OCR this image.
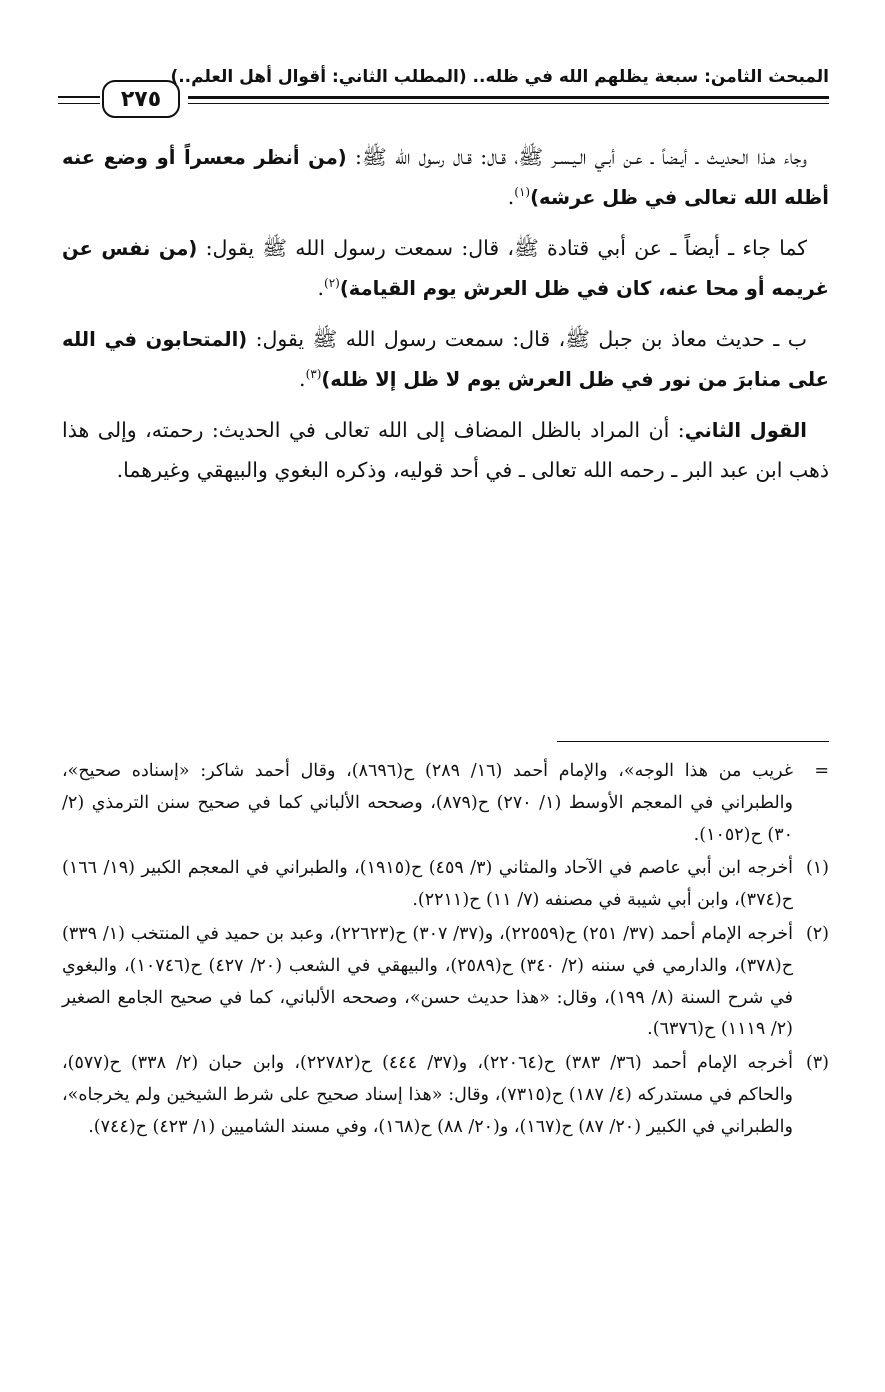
المبحث الثامن: سبعة يظلهم الله في ظله.. (المطلب الثاني: أقوال أهل العلم..)
٢٧٥

وجاء هـذا الـحديـث ـ أيـضاً ـ عـن أبـي الـيـسـر ﷺ، قـال: قـال رسول الله ﷺ: (من أنظر معسراً أو وضع عنه أظله الله تعالى في ظل عرشه)$^{(١)}$.

كما جاء ـ أيضاً ـ عن أبي قتادة ﷺ، قال: سمعت رسول الله ﷺ يقول: (من نفس عن غريمه أو محا عنه، كان في ظل العرش يوم القيامة)$^{(٢)}$.

ب ـ حديث معاذ بن جبل ﷺ، قال: سمعت رسول الله ﷺ يقول: (المتحابون في الله على منابرَ من نور في ظل العرش يوم لا ظل إلا ظله)$^{(٣)}$.

القول الثاني: أن المراد بالظل المضاف إلى الله تعالى في الحديث: رحمته، وإلى هذا ذهب ابن عبد البر ـ رحمه الله تعالى ـ في أحد قوليه، وذكره البغوي والبيهقي وغيرهما.

=
غريب من هذا الوجه»، والإمام أحمد (١٦/ ٢٨٩) ح(٨٦٩٦)، وقال أحمد شاكر: «إسناده صحيح»، والطبراني في المعجم الأوسط (١/ ٢٧٠) ح(٨٧٩)، وصححه الألباني كما في صحيح سنن الترمذي (٢/ ٣٠) ح(١٠٥٢).
(١)
أخرجه ابن أبي عاصم في الآحاد والمثاني (٣/ ٤٥٩) ح(١٩١٥)، والطبراني في المعجم الكبير (١٩/ ١٦٦) ح(٣٧٤)، وابن أبي شيبة في مصنفه (٧/ ١١) ح(٢٢١١).
(٢)
أخرجه الإمام أحمد (٣٧/ ٢٥١) ح(٢٢٥٥٩)، و(٣٧/ ٣٠٧) ح(٢٢٦٢٣)، وعبد بن حميد في المنتخب (١/ ٣٣٩) ح(٣٧٨)، والدارمي في سننه (٢/ ٣٤٠) ح(٢٥٨٩)، والبيهقي في الشعب (٢٠/ ٤٢٧) ح(١٠٧٤٦)، والبغوي في شرح السنة (٨/ ١٩٩)، وقال: «هذا حديث حسن»، وصححه الألباني، كما في صحيح الجامع الصغير (٢/ ١١١٩) ح(٦٣٧٦).
(٣)
أخرجه الإمام أحمد (٣٦/ ٣٨٣) ح(٢٢٠٦٤)، و(٣٧/ ٤٤٤) ح(٢٢٧٨٢)، وابن حبان (٢/ ٣٣٨) ح(٥٧٧)، والحاكم في مستدركه (٤/ ١٨٧) ح(٧٣١٥)، وقال: «هذا إسناد صحيح على شرط الشيخين ولم يخرجاه»، والطبراني في الكبير (٢٠/ ٨٧) ح(١٦٧)، و(٢٠/ ٨٨) ح(١٦٨)، وفي مسند الشاميين (١/ ٤٢٣) ح(٧٤٤).
